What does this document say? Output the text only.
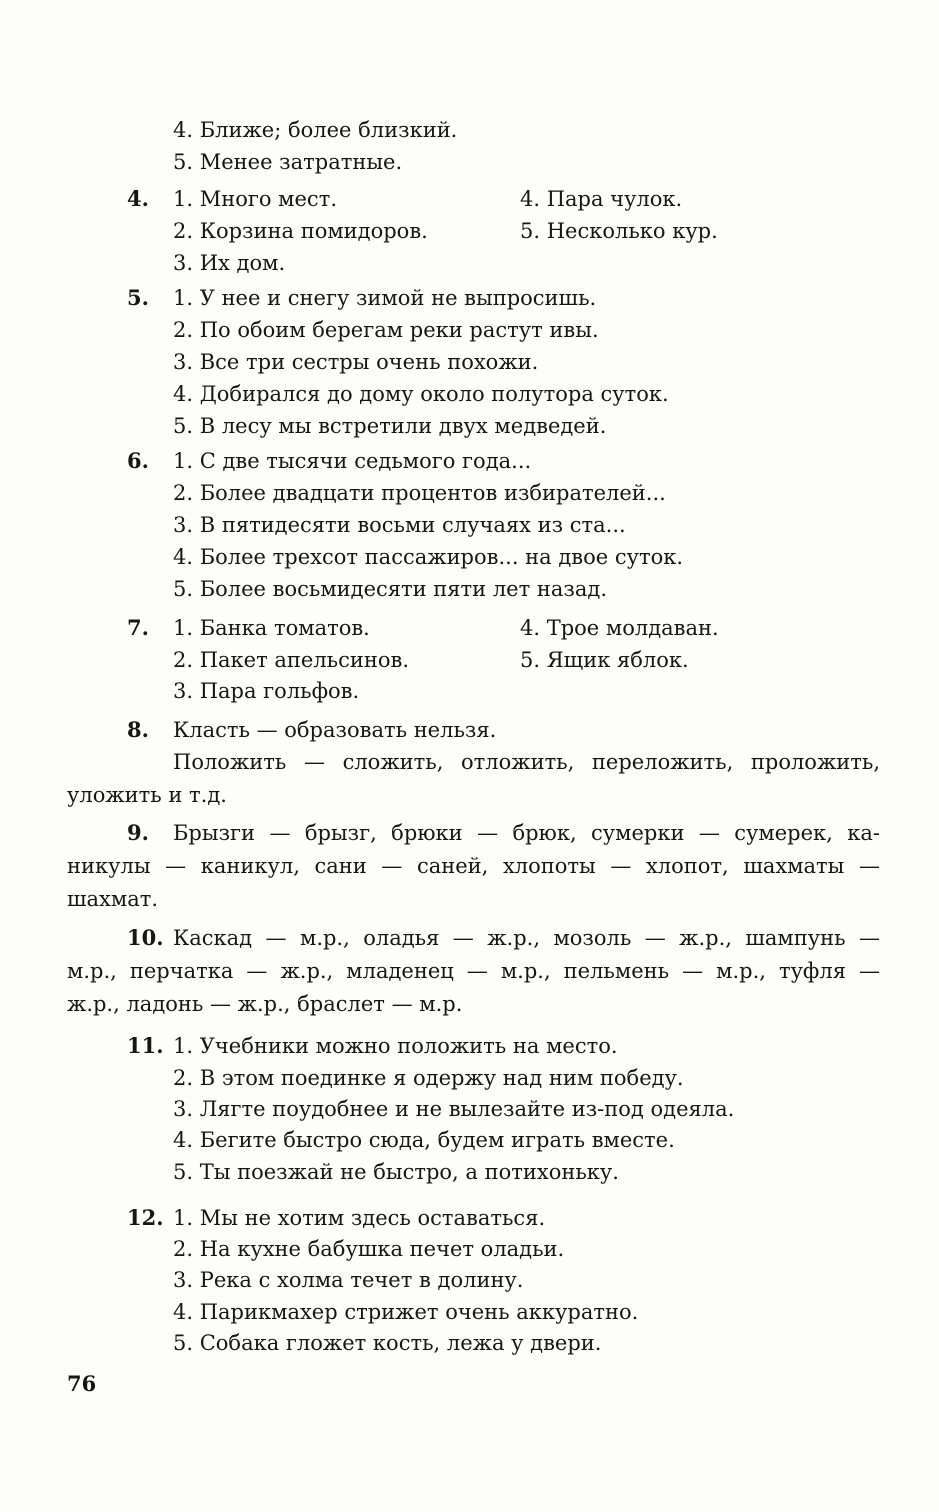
4. Ближе; более близкий.
5. Менее затратные.
4. 1. Много мест.	4. Пара чулок.
2. Корзина помидоров.	5. Несколько кур.
3. Их дом.
5. 1. У нее и снегу зимой не выпросишь.
2. По обоим берегам реки растут ивы.
3. Все три сестры очень похожи.
4. Добирался до дому около полутора суток.
5. В лесу мы встретили двух медведей.
6. 1. С две тысячи седьмого года...
2. Более двадцати процентов избирателей...
3. В пятидесяти восьми случаях из ста...
4. Более трехсот пассажиров... на двое суток.
5. Более восьмидесяти пяти лет назад.
7. 1. Банка томатов.	4. Трое молдаван.
2. Пакет апельсинов.	5. Ящик яблок.
3. Пара гольфов.
8. Класть — образовать нельзя.
Положить — сложить, отложить, переложить, проложить,
уложить и т.д.
9. Брызги — брызг, брюки — брюк, сумерки — сумерек, ка-
никулы — каникул, сани — саней, хлопоты — хлопот, шахматы —
шахмат.
10. Каскад — м.р., оладья — ж.р., мозоль — ж.р., шампунь —
м.р., перчатка — ж.р., младенец — м.р., пельмень — м.р., туфля —
ж.р., ладонь — ж.р., браслет — м.р.
11. 1. Учебники можно положить на место.
2. В этом поединке я одержу над ним победу.
3. Лягте поудобнее и не вылезайте из-под одеяла.
4. Бегите быстро сюда, будем играть вместе.
5. Ты поезжай не быстро, а потихоньку.
12. 1. Мы не хотим здесь оставаться.
2. На кухне бабушка печет оладьи.
3. Река с холма течет в долину.
4. Парикмахер стрижет очень аккуратно.
5. Собака гложет кость, лежа у двери.
76
